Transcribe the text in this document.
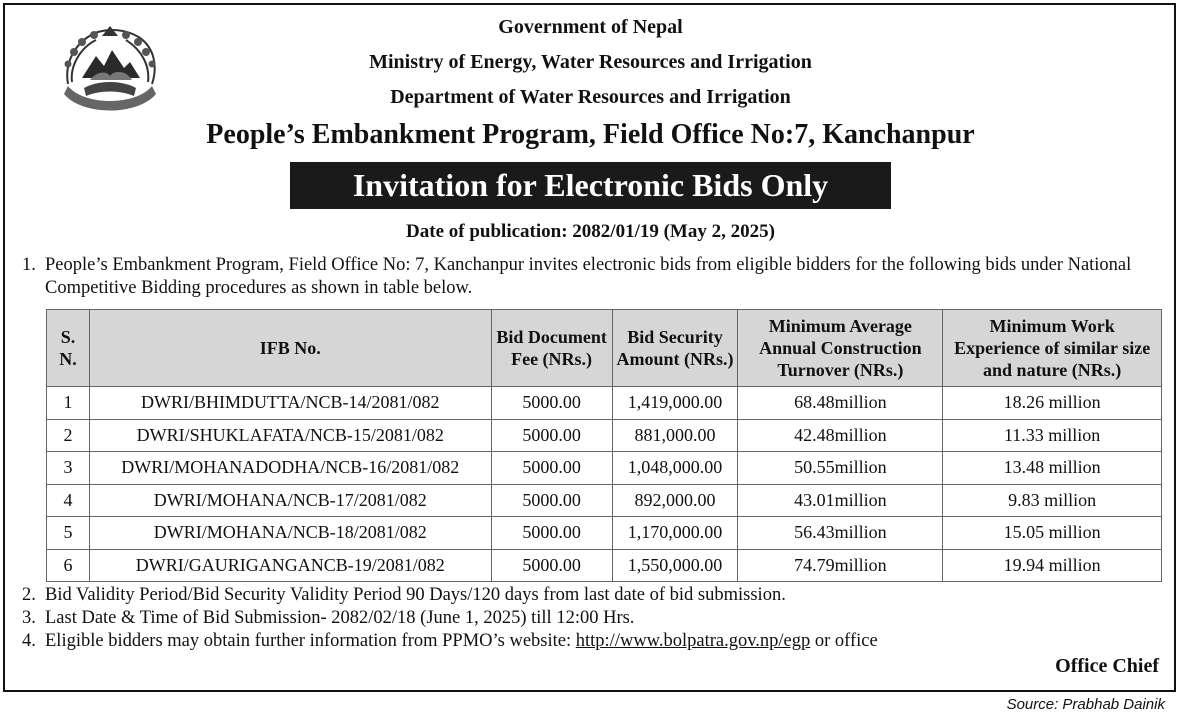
Government of Nepal
Ministry of Energy, Water Resources and Irrigation
Department of Water Resources and Irrigation
People’s Embankment Program, Field Office No:7, Kanchanpur
Invitation for Electronic Bids Only
Date of publication: 2082/01/19 (May 2, 2025)
1. People’s Embankment Program, Field Office No: 7, Kanchanpur invites electronic bids from eligible bidders for the following bids under National Competitive Bidding procedures as shown in table below.
S. N.	IFB No.	Bid Document Fee (NRs.)	Bid Security Amount (NRs.)	Minimum Average Annual Construction Turnover (NRs.)	Minimum Work Experience of similar size and nature (NRs.)
1	DWRI/BHIMDUTTA/NCB-14/2081/082	5000.00	1,419,000.00	68.48million	18.26 million
2	DWRI/SHUKLAFATA/NCB-15/2081/082	5000.00	881,000.00	42.48million	11.33 million
3	DWRI/MOHANADODHA/NCB-16/2081/082	5000.00	1,048,000.00	50.55million	13.48 million
4	DWRI/MOHANA/NCB-17/2081/082	5000.00	892,000.00	43.01million	9.83 million
5	DWRI/MOHANA/NCB-18/2081/082	5000.00	1,170,000.00	56.43million	15.05 million
6	DWRI/GAURIGANGANCB-19/2081/082	5000.00	1,550,000.00	74.79million	19.94 million
2. Bid Validity Period/Bid Security Validity Period 90 Days/120 days from last date of bid submission.
3. Last Date & Time of Bid Submission- 2082/02/18 (June 1, 2025) till 12:00 Hrs.
4. Eligible bidders may obtain further information from PPMO’s website: http://www.bolpatra.gov.np/egp or office
Office Chief
Source: Prabhab Dainik
